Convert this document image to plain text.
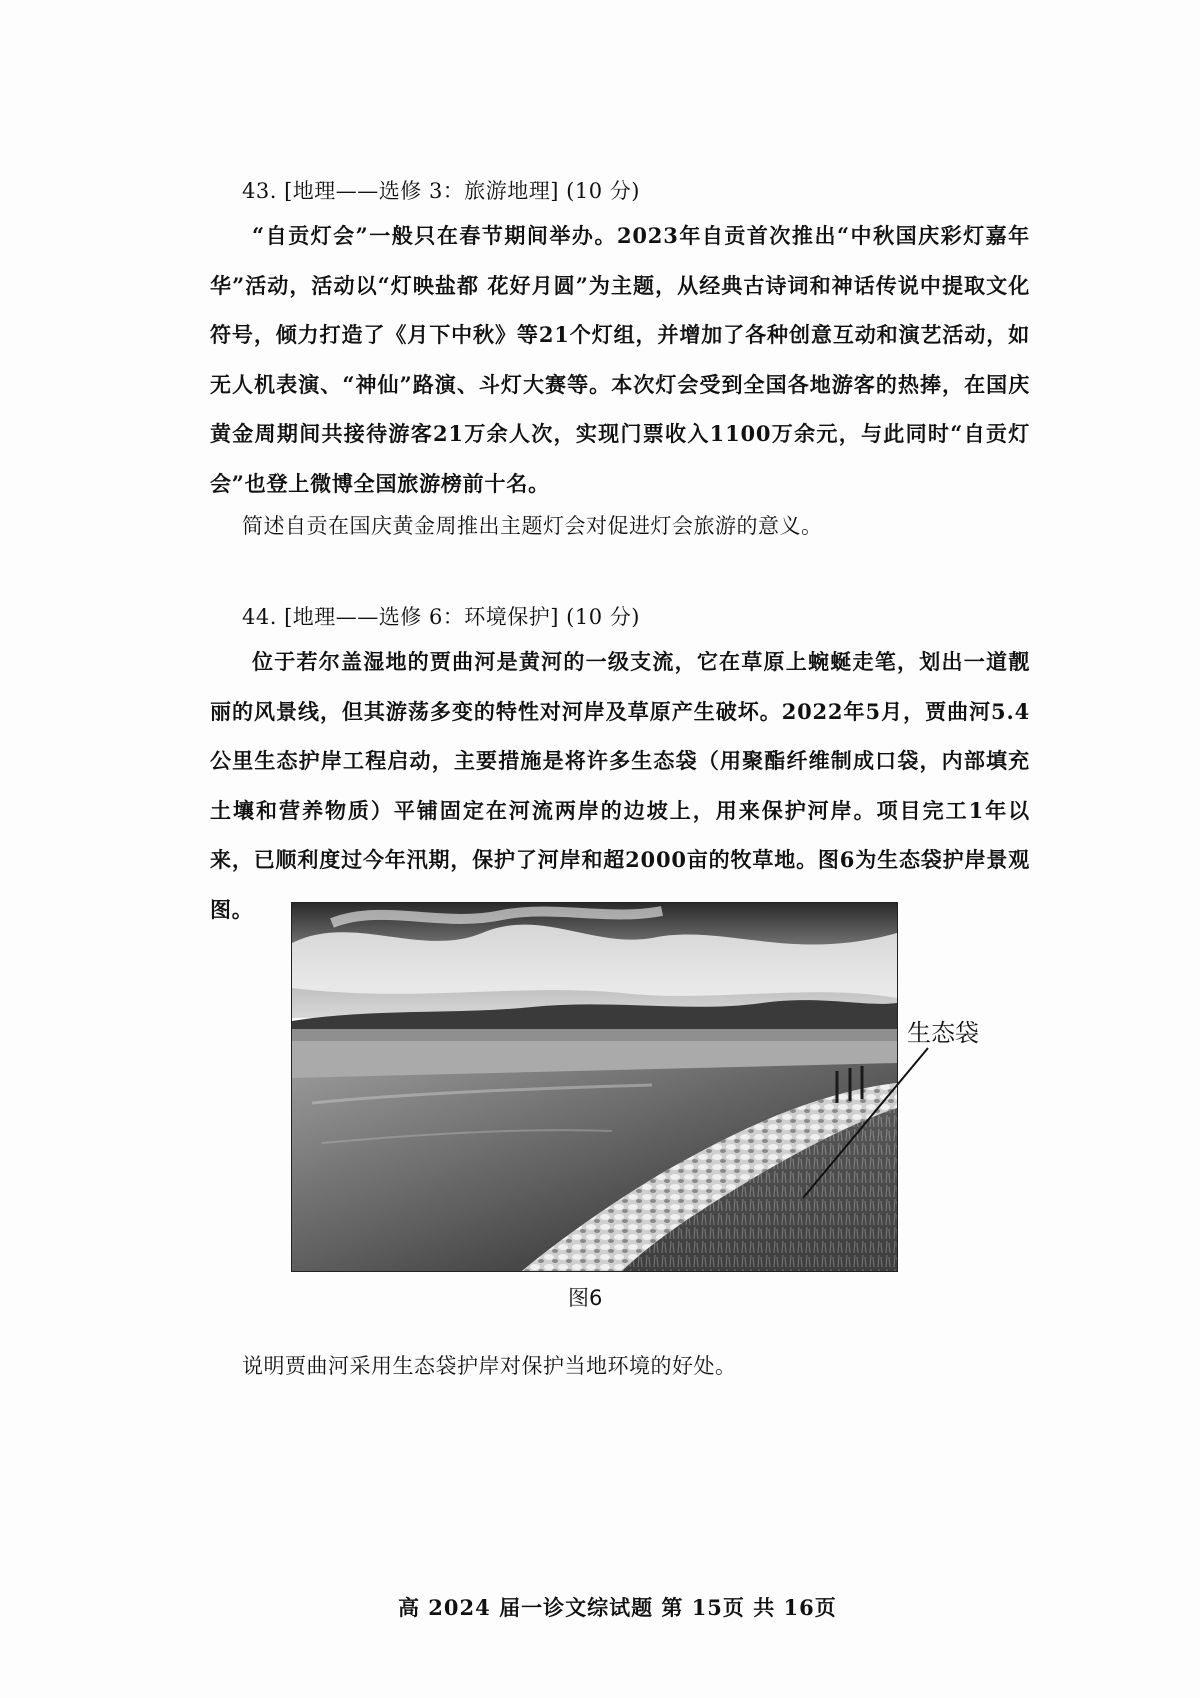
43. [地理——选修 3：旅游地理] (10 分)
“自贡灯会”一般只在春节期间举办。2023年自贡首次推出“中秋国庆彩灯嘉年华”活动，活动以“灯映盐都 花好月圆”为主题，从经典古诗词和神话传说中提取文化符号，倾力打造了《月下中秋》等21个灯组，并增加了各种创意互动和演艺活动，如无人机表演、“神仙”路演、斗灯大赛等。本次灯会受到全国各地游客的热捧，在国庆黄金周期间共接待游客21万余人次，实现门票收入1100万余元，与此同时“自贡灯会”也登上微博全国旅游榜前十名。
简述自贡在国庆黄金周推出主题灯会对促进灯会旅游的意义。
44. [地理——选修 6：环境保护] (10 分)
位于若尔盖湿地的贾曲河是黄河的一级支流，它在草原上蜿蜒走笔，划出一道靓丽的风景线，但其游荡多变的特性对河岸及草原产生破坏。2022年5月，贾曲河5.4公里生态护岸工程启动，主要措施是将许多生态袋（用聚酯纤维制成口袋，内部填充土壤和营养物质）平铺固定在河流两岸的边坡上，用来保护河岸。项目完工1年以来，已顺利度过今年汛期，保护了河岸和超2000亩的牧草地。图6为生态袋护岸景观图。
生态袋
图6
说明贾曲河采用生态袋护岸对保护当地环境的好处。
高 2024 届一诊文综试题 第 15页 共 16页
